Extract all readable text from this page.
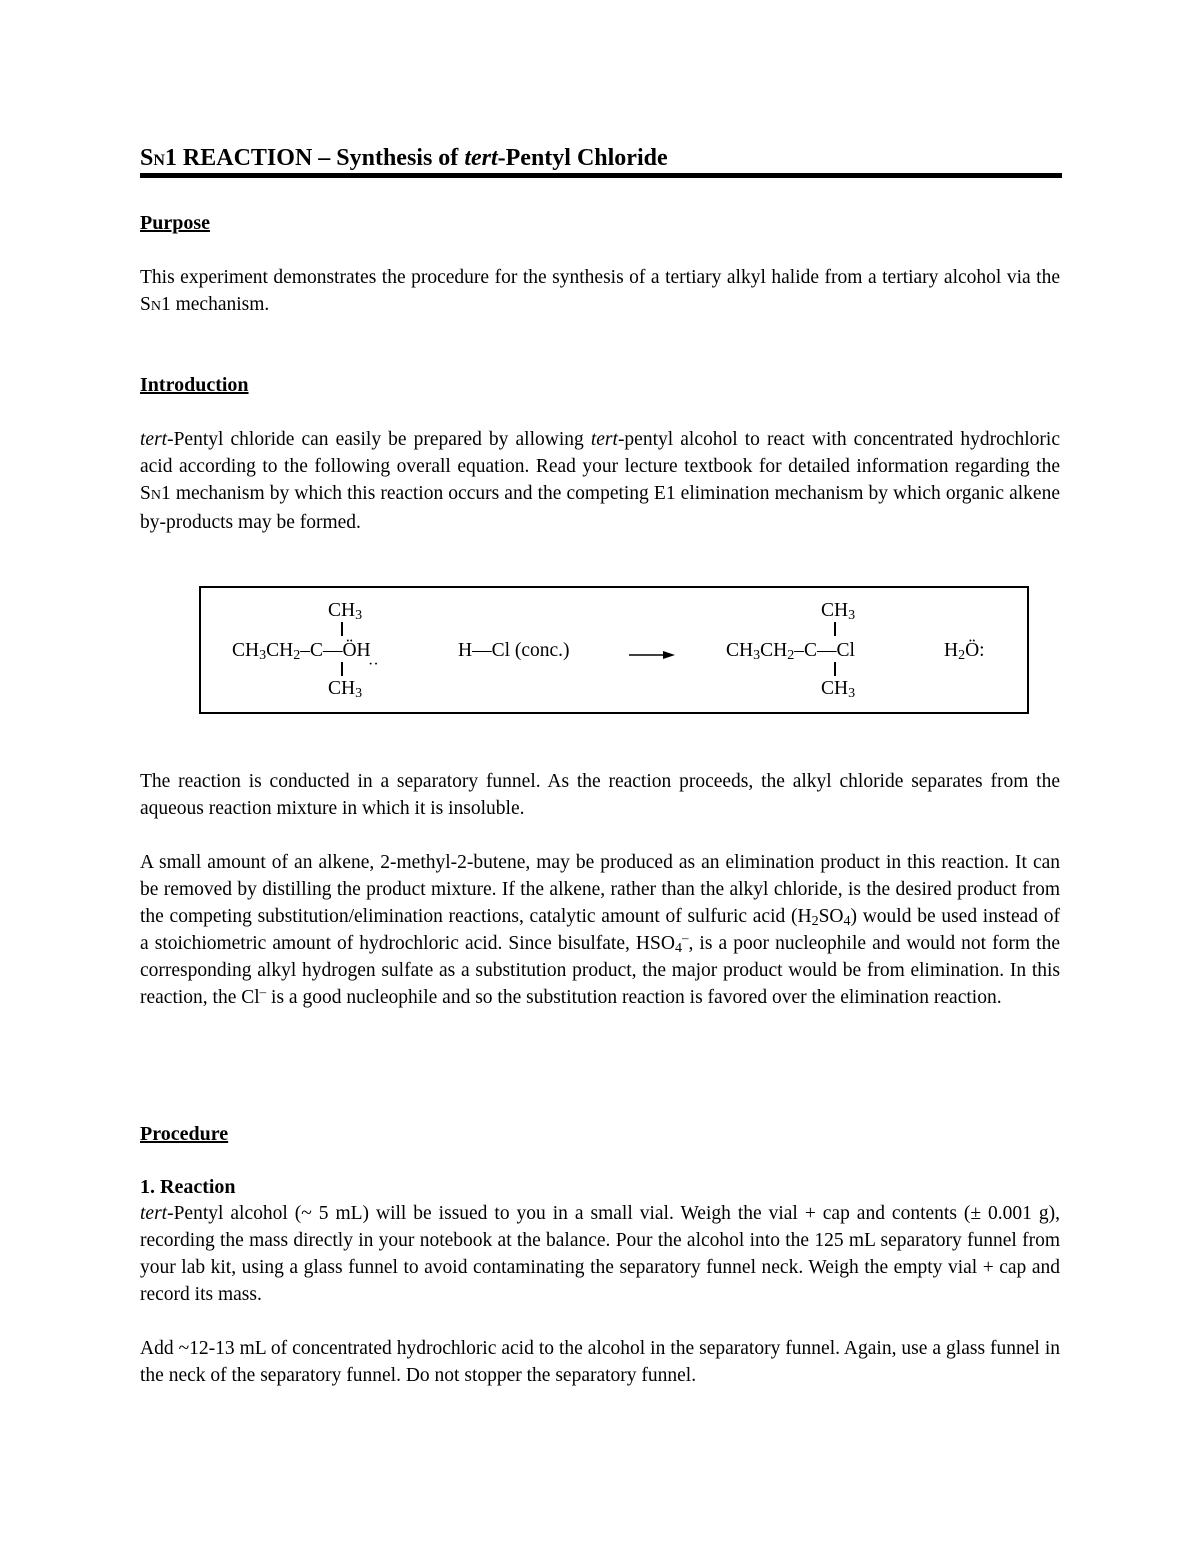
SN1 REACTION – Synthesis of tert-Pentyl Chloride
Purpose

This experiment demonstrates the procedure for the synthesis of a tertiary alkyl halide from a tertiary alcohol via the SN1 mechanism.

Introduction

tert-Pentyl chloride can easily be prepared by allowing tert-pentyl alcohol to react with concentrated hydrochloric acid according to the following overall equation. Read your lecture textbook for detailed information regarding the SN1 mechanism by which this reaction occurs and the competing E1 elimination mechanism by which organic alkene by-products may be formed.

$CH_3$
$CH_3CH_2-C—ÖH$
··
$CH_3$
H—Cl (conc.)
$CH_3$
$CH_3CH_2-C—Cl$
$CH_3$
$H_2Ö$:

The reaction is conducted in a separatory funnel. As the reaction proceeds, the alkyl chloride separates from the aqueous reaction mixture in which it is insoluble.

A small amount of an alkene, 2-methyl-2-butene, may be produced as an elimination product in this reaction. It can be removed by distilling the product mixture. If the alkene, rather than the alkyl chloride, is the desired product from the competing substitution/elimination reactions, catalytic amount of sulfuric acid $(H_2SO_4)$ would be used instead of a stoichiometric amount of hydrochloric acid. Since bisulfate, $HSO_4^-$, is a poor nucleophile and would not form the corresponding alkyl hydrogen sulfate as a substitution product, the major product would be from elimination. In this reaction, the Cl– is a good nucleophile and so the substitution reaction is favored over the elimination reaction.

Procedure
1. Reaction

tert-Pentyl alcohol (~ 5 mL) will be issued to you in a small vial. Weigh the vial + cap and contents (± 0.001 g), recording the mass directly in your notebook at the balance. Pour the alcohol into the 125 mL separatory funnel from your lab kit, using a glass funnel to avoid contaminating the separatory funnel neck. Weigh the empty vial + cap and record its mass.

Add ~12-13 mL of concentrated hydrochloric acid to the alcohol in the separatory funnel. Again, use a glass funnel in the neck of the separatory funnel. Do not stopper the separatory funnel.
